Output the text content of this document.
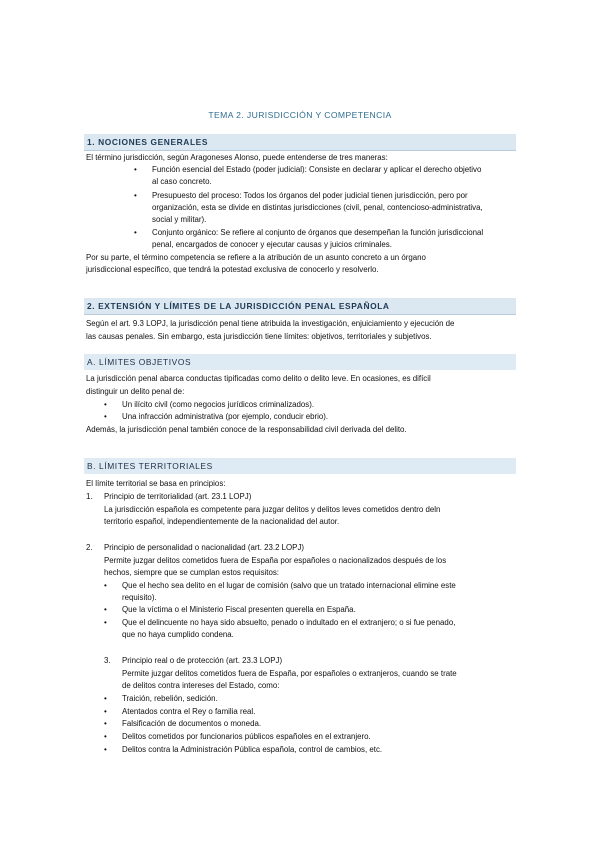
TEMA 2. JURISDICCIÓN Y COMPETENCIA
1. NOCIONES GENERALES
El término jurisdicción, según Aragoneses Alonso, puede entenderse de tres maneras:
• Función esencial del Estado (poder judicial): Consiste en declarar y aplicar el derecho objetivo
al caso concreto.
• Presupuesto del proceso: Todos los órganos del poder judicial tienen jurisdicción, pero por
organización, esta se divide en distintas jurisdicciones (civil, penal, contencioso-administrativa,
social y militar).
• Conjunto orgánico: Se refiere al conjunto de órganos que desempeñan la función jurisdiccional
penal, encargados de conocer y ejecutar causas y juicios criminales.
Por su parte, el término competencia se refiere a la atribución de un asunto concreto a un órgano
jurisdiccional específico, que tendrá la potestad exclusiva de conocerlo y resolverlo.
2. EXTENSIÓN Y LÍMITES DE LA JURISDICCIÓN PENAL ESPAÑOLA
Según el art. 9.3 LOPJ, la jurisdicción penal tiene atribuida la investigación, enjuiciamiento y ejecución de
las causas penales. Sin embargo, esta jurisdicción tiene límites: objetivos, territoriales y subjetivos.
A. LÍMITES OBJETIVOS
La jurisdicción penal abarca conductas tipificadas como delito o delito leve. En ocasiones, es difícil
distinguir un delito penal de:
• Un ilícito civil (como negocios jurídicos criminalizados).
• Una infracción administrativa (por ejemplo, conducir ebrio).
Además, la jurisdicción penal también conoce de la responsabilidad civil derivada del delito.
B. LÍMITES TERRITORIALES
El límite territorial se basa en principios:
1. Principio de territorialidad (art. 23.1 LOPJ)
La jurisdicción española es competente para juzgar delitos y delitos leves cometidos dentro deln
territorio español, independientemente de la nacionalidad del autor.
2. Principio de personalidad o nacionalidad (art. 23.2 LOPJ)
Permite juzgar delitos cometidos fuera de España por españoles o nacionalizados después de los
hechos, siempre que se cumplan estos requisitos:
• Que el hecho sea delito en el lugar de comisión (salvo que un tratado internacional elimine este
requisito).
• Que la víctima o el Ministerio Fiscal presenten querella en España.
• Que el delincuente no haya sido absuelto, penado o indultado en el extranjero; o si fue penado,
que no haya cumplido condena.
3. Principio real o de protección (art. 23.3 LOPJ)
Permite juzgar delitos cometidos fuera de España, por españoles o extranjeros, cuando se trate
de delitos contra intereses del Estado, como:
• Traición, rebelión, sedición.
• Atentados contra el Rey o familia real.
• Falsificación de documentos o moneda.
• Delitos cometidos por funcionarios públicos españoles en el extranjero.
• Delitos contra la Administración Pública española, control de cambios, etc.
